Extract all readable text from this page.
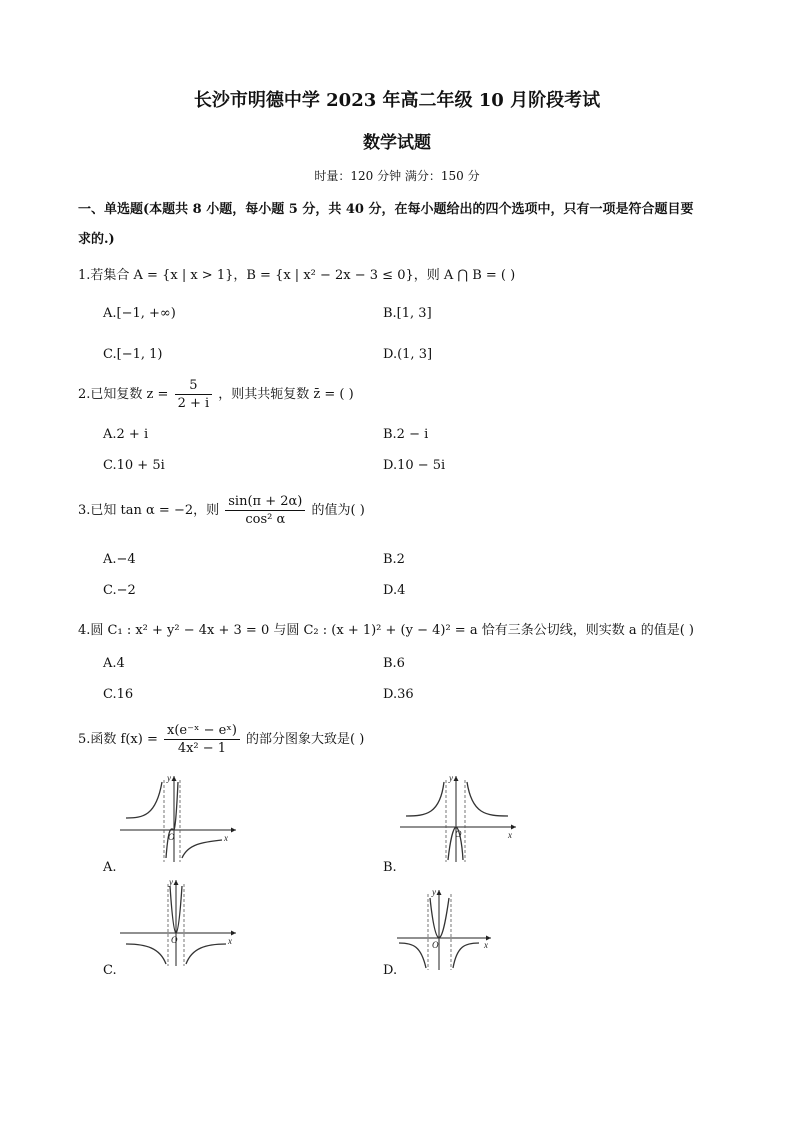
长沙市明德中学 2023 年高二年级 10 月阶段考试
数学试题
时量：120 分钟 满分：150 分
一、单选题(本题共 8 小题，每小题 5 分，共 40 分，在每小题给出的四个选项中，只有一项是符合题目要
求的.)
1.若集合 A = {x | x > 1}，B = {x | x² − 2x − 3 ≤ 0}，则 A ⋂ B = ( )
A.[−1, +∞)	B.[1, 3]
C.[−1, 1)	D.(1, 3]
2.已知复数 $z = \frac{5}{2 + i}$ ，则其共轭复数 z̄ = ( )
A.2 + i	B.2 − i
C.10 + 5i	D.10 − 5i
3.已知 tan α = −2，则 $\frac{\sin(\pi + 2\alpha)}{\text{cos² α}}$ 的值为( )
A.−4	B.2
C.−2	D.4
4.圆 C₁ : x² + y² − 4x + 3 = 0 与圆 C₂ : (x + 1)² + (y − 4)² = a 恰有三条公切线，则实数 a 的值是( )
A.4	B.6
C.16	D.36
5.函数 $f(x) = \frac{\text{x(e⁻ˣ − eˣ)}}{\text{4x² − 1}}$ 的部分图象大致是( )
x
y
O
A.
x
y
O
B.
x
y
O
C.
x
y
O
D.
